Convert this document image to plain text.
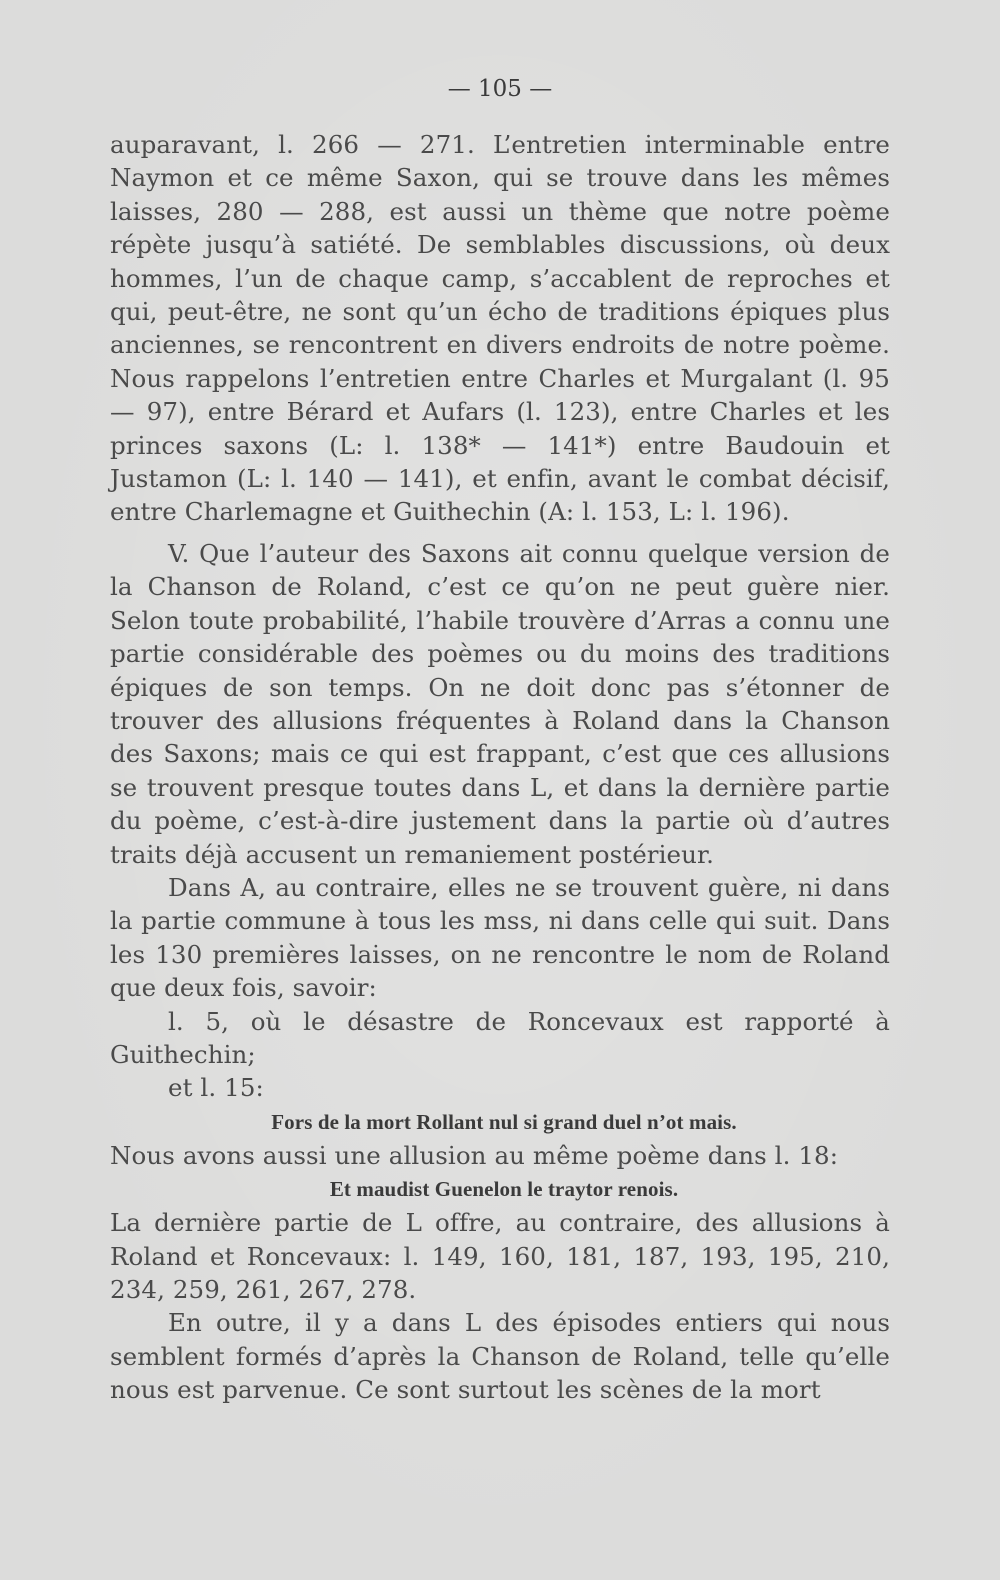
— 105 —

auparavant, l. 266 — 271. L’entretien interminable entre Naymon et ce même Saxon, qui se trouve dans les mêmes laisses, 280 — 288, est aussi un thème que notre poème répète jusqu’à satiété. De semblables discussions, où deux hommes, l’un de chaque camp, s’accablent de reproches et qui, peut-être, ne sont qu’un écho de traditions épiques plus anciennes, se rencontrent en divers endroits de notre poème. Nous rappelons l’entretien entre Charles et Murgalant (l. 95 — 97), entre Bérard et Aufars (l. 123), entre Charles et les princes saxons (L: l. 138* — 141*) entre Baudouin et Justamon (L: l. 140 — 141), et enfin, avant le combat décisif, entre Charlemagne et Guithechin (A: l. 153, L: l. 196).

V. Que l’auteur des Saxons ait connu quelque version de la Chanson de Roland, c’est ce qu’on ne peut guère nier. Selon toute probabilité, l’habile trouvère d’Arras a connu une partie considérable des poèmes ou du moins des traditions épiques de son temps. On ne doit donc pas s’étonner de trouver des allusions fréquentes à Roland dans la Chanson des Saxons; mais ce qui est frappant, c’est que ces allusions se trouvent presque toutes dans L, et dans la dernière partie du poème, c’est-à-dire justement dans la partie où d’autres traits déjà accusent un remaniement postérieur.

Dans A, au contraire, elles ne se trouvent guère, ni dans la partie commune à tous les mss, ni dans celle qui suit. Dans les 130 premières laisses, on ne rencontre le nom de Roland que deux fois, savoir:

l. 5, où le désastre de Roncevaux est rapporté à Guithechin;

et l. 15:

Fors de la mort Rollant nul si grand duel n’ot mais.

Nous avons aussi une allusion au même poème dans l. 18:

Et maudist Guenelon le traytor renois.

La dernière partie de L offre, au contraire, des allusions à Roland et Roncevaux: l. 149, 160, 181, 187, 193, 195, 210, 234, 259, 261, 267, 278.

En outre, il y a dans L des épisodes entiers qui nous semblent formés d’après la Chanson de Roland, telle qu’elle nous est parvenue. Ce sont surtout les scènes de la mort
